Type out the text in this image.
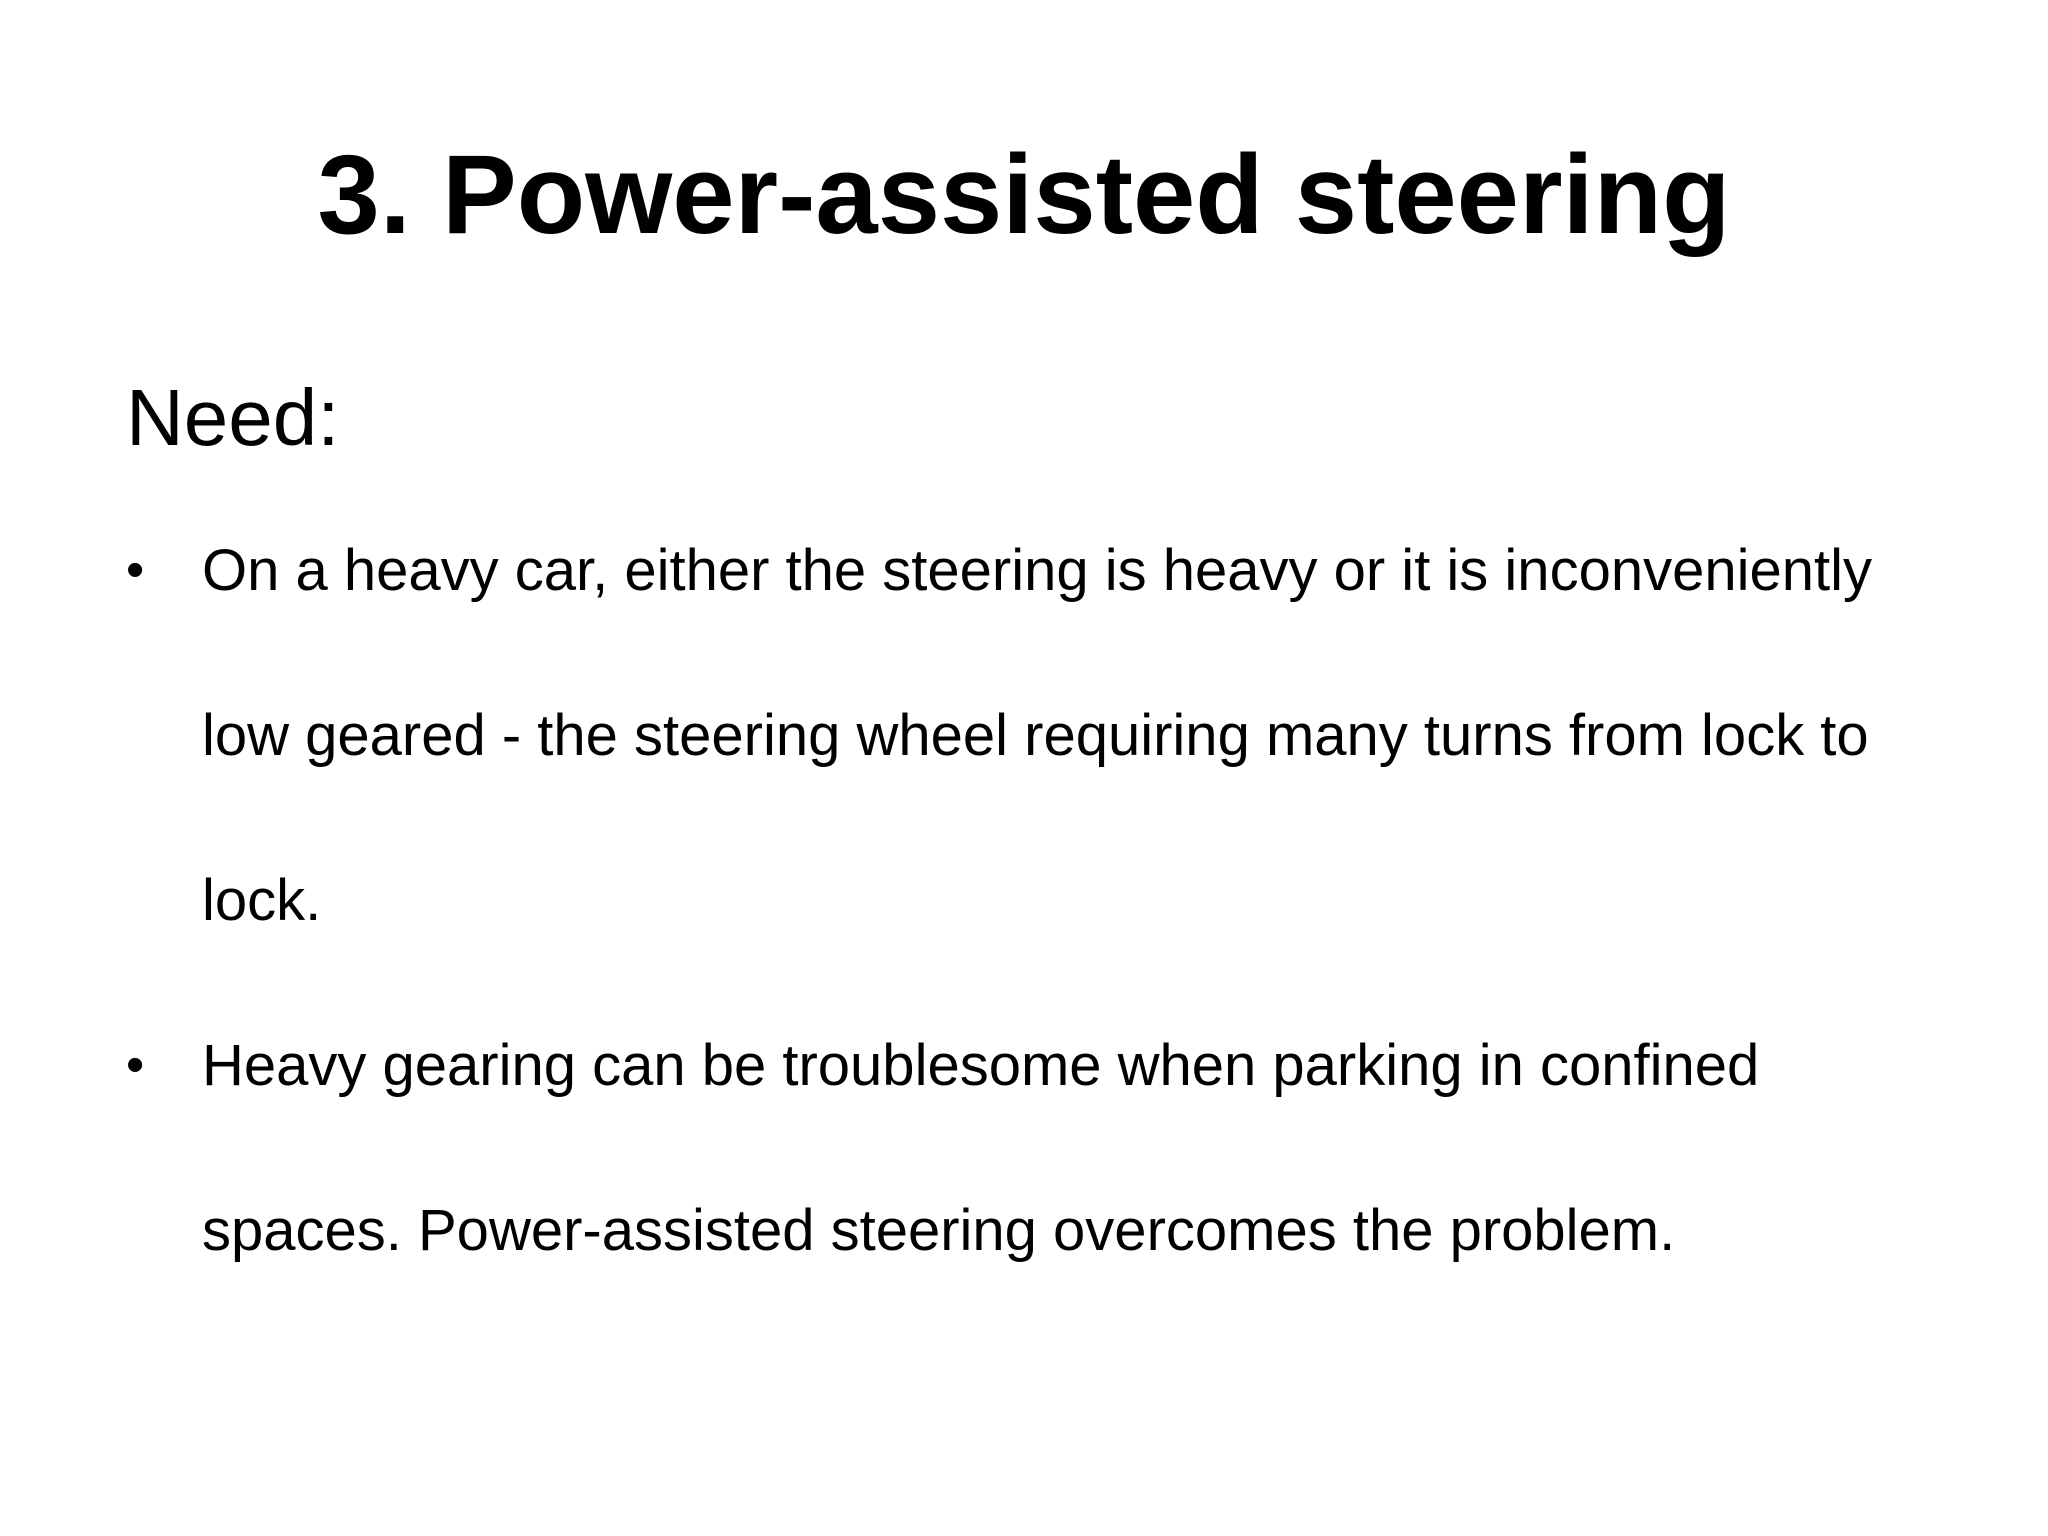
3. Power-assisted steering
Need:
• On a heavy car, either the steering is heavy or it is inconveniently low geared - the steering wheel requiring many turns from lock to lock.
• Heavy gearing can be troublesome when parking in confined spaces. Power-assisted steering overcomes the problem.
